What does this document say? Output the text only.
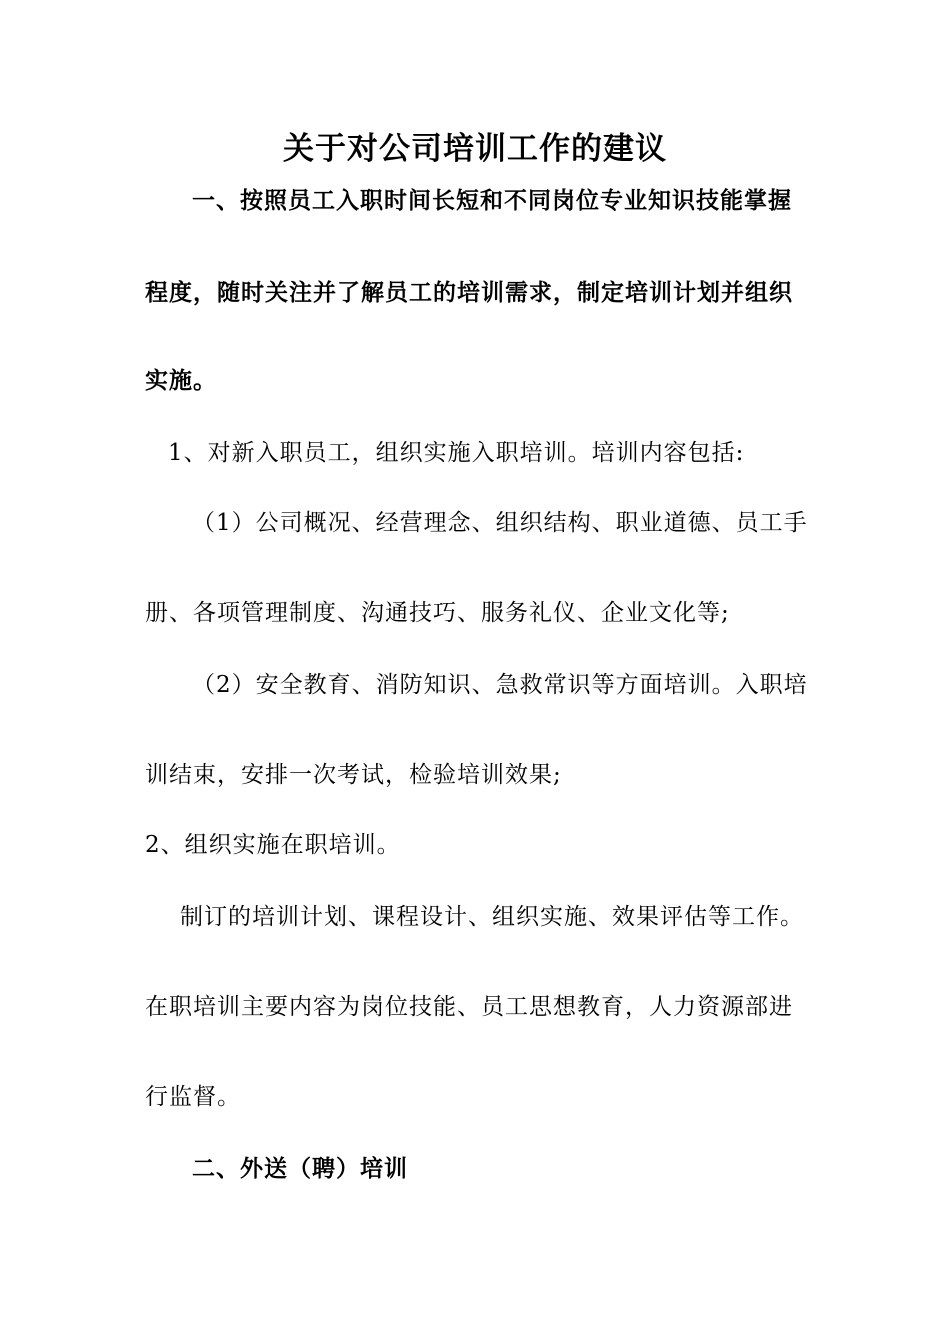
关于对公司培训工作的建议
一、按照员工入职时间长短和不同岗位专业知识技能掌握
程度，随时关注并了解员工的培训需求，制定培训计划并组织
实施。
1、对新入职员工，组织实施入职培训。培训内容包括:
（1）公司概况、经营理念、组织结构、职业道德、员工手
册、各项管理制度、沟通技巧、服务礼仪、企业文化等;
（2）安全教育、消防知识、急救常识等方面培训。入职培
训结束，安排一次考试，检验培训效果;
2、组织实施在职培训。
制订的培训计划、课程设计、组织实施、效果评估等工作。
在职培训主要内容为岗位技能、员工思想教育，人力资源部进
行监督。
二、外送（聘）培训
